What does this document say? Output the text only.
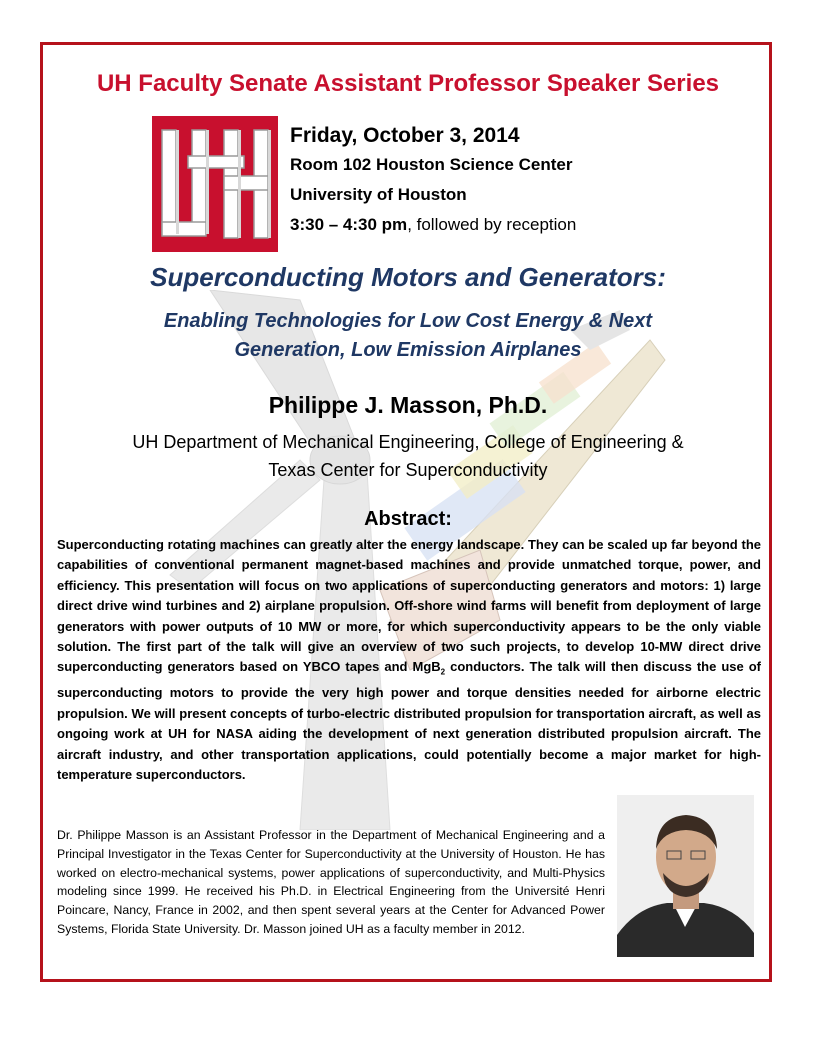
UH Faculty Senate Assistant Professor Speaker Series
Friday, October 3, 2014
Room 102 Houston Science Center
University of Houston
3:30 – 4:30 pm, followed by reception
Superconducting Motors and Generators:
Enabling Technologies for Low Cost Energy & Next
Generation, Low Emission Airplanes
Philippe J. Masson, Ph.D.
UH Department of Mechanical Engineering, College of Engineering &
Texas Center for Superconductivity
Abstract:
Superconducting rotating machines can greatly alter the energy landscape. They can be scaled up far beyond the capabilities of conventional permanent magnet-based machines and provide unmatched torque, power, and efficiency. This presentation will focus on two applications of superconducting generators and motors: 1) large direct drive wind turbines and 2) airplane propulsion. Off-shore wind farms will benefit from deployment of large generators with power outputs of 10 MW or more, for which superconductivity appears to be the only viable solution. The first part of the talk will give an overview of two such projects, to develop 10-MW direct drive superconducting generators based on YBCO tapes and MgB$_2$ conductors. The talk will then discuss the use of superconducting motors to provide the very high power and torque densities needed for airborne electric propulsion. We will present concepts of turbo-electric distributed propulsion for transportation aircraft, as well as ongoing work at UH for NASA aiding the development of next generation distributed propulsion aircraft. The aircraft industry, and other transportation applications, could potentially become a major market for high-temperature superconductors.
Dr. Philippe Masson is an Assistant Professor in the Department of Mechanical Engineering and a Principal Investigator in the Texas Center for Superconductivity at the University of Houston. He has worked on electro-mechanical systems, power applications of superconductivity, and Multi-Physics modeling since 1999. He received his Ph.D. in Electrical Engineering from the Université Henri Poincare, Nancy, France in 2002, and then spent several years at the Center for Advanced Power Systems, Florida State University. Dr. Masson joined UH as a faculty member in 2012.
